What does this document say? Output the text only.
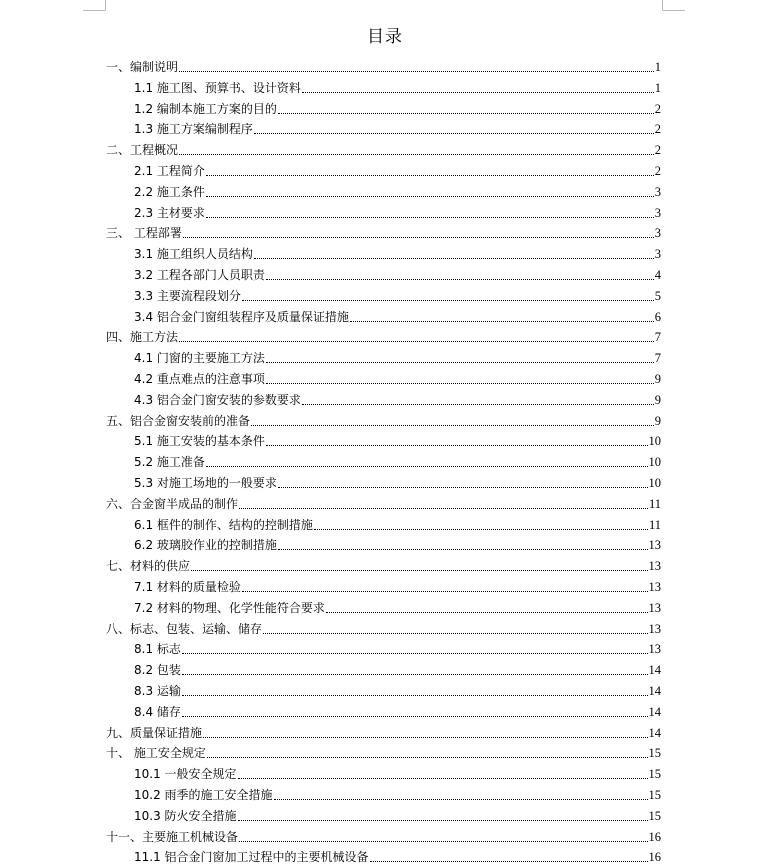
目录
一、编制说明	1
1.1 施工图、预算书、设计资料	1
1.2 编制本施工方案的目的	2
1.3 施工方案编制程序	2
二、工程概况	2
2.1 工程简介	2
2.2 施工条件	3
2.3 主材要求	3
三、 工程部署	3
3.1 施工组织人员结构	3
3.2 工程各部门人员职责	4
3.3 主要流程段划分	5
3.4 铝合金门窗组装程序及质量保证措施	6
四、施工方法	7
4.1 门窗的主要施工方法	7
4.2 重点难点的注意事项	9
4.3 铝合金门窗安装的参数要求	9
五、铝合金窗安装前的准备	9
5.1 施工安装的基本条件	10
5.2 施工准备	10
5.3 对施工场地的一般要求	10
六、合金窗半成品的制作	11
6.1 框件的制作、结构的控制措施	11
6.2 玻璃胶作业的控制措施	13
七、材料的供应	13
7.1 材料的质量检验	13
7.2 材料的物理、化学性能符合要求	13
八、标志、包装、运输、储存	13
8.1 标志	13
8.2 包装	14
8.3 运输	14
8.4 储存	14
九、质量保证措施	14
十、 施工安全规定	15
10.1 一般安全规定	15
10.2 雨季的施工安全措施	15
10.3 防火安全措施	15
十一、主要施工机械设备	16
11.1 铝合金门窗加工过程中的主要机械设备	16
